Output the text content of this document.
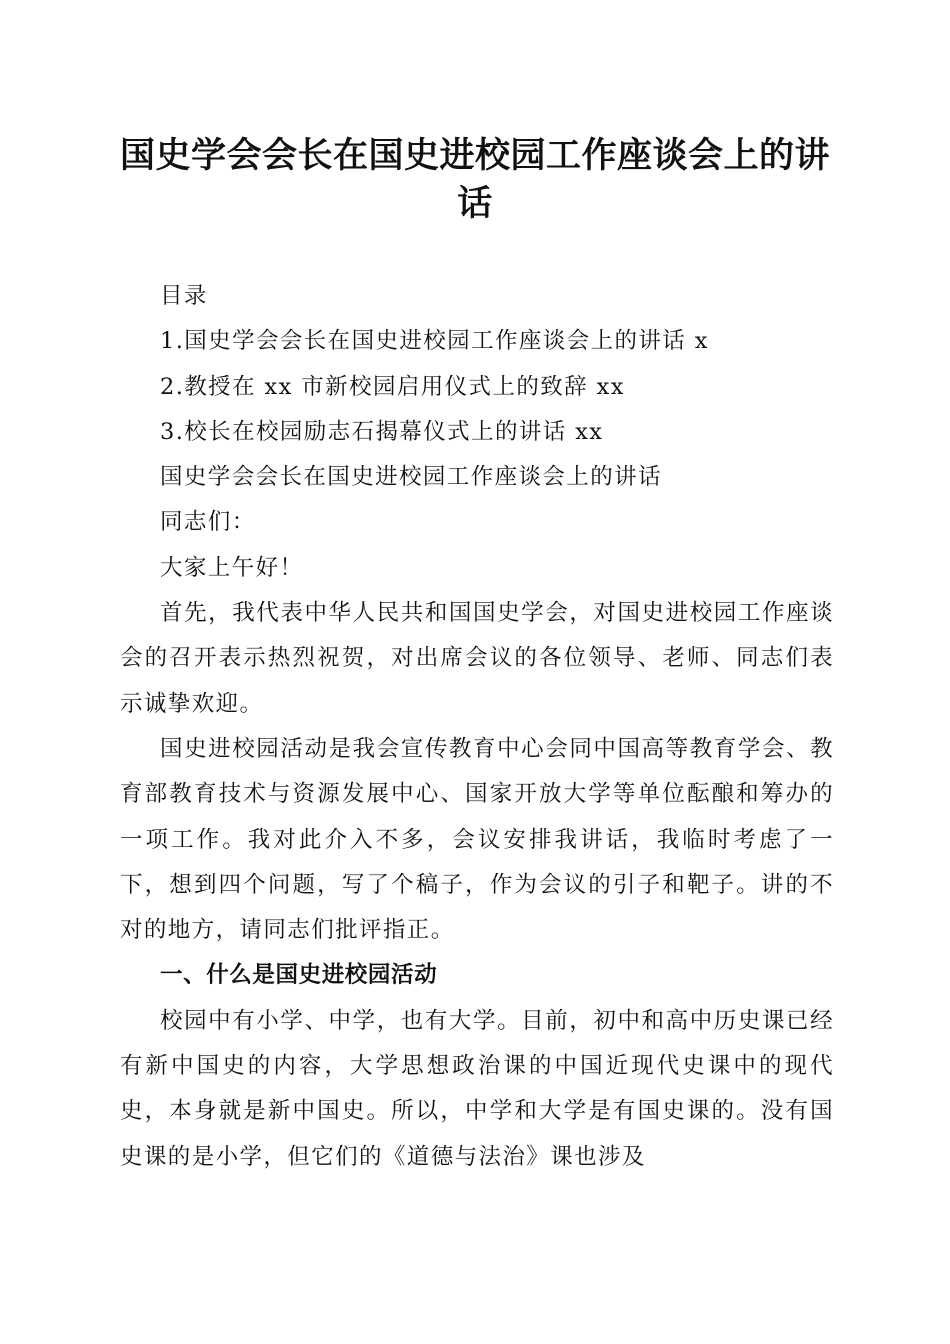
国史学会会长在国史进校园工作座谈会上的讲话

目录

1.国史学会会长在国史进校园工作座谈会上的讲话 x

2.教授在 xx 市新校园启用仪式上的致辞 xx

3.校长在校园励志石揭幕仪式上的讲话 xx

国史学会会长在国史进校园工作座谈会上的讲话

同志们：

大家上午好！

首先，我代表中华人民共和国国史学会，对国史进校园工作座谈会的召开表示热烈祝贺，对出席会议的各位领导、老师、同志们表示诚挚欢迎。

国史进校园活动是我会宣传教育中心会同中国高等教育学会、教育部教育技术与资源发展中心、国家开放大学等单位酝酿和筹办的一项工作。我对此介入不多，会议安排我讲话，我临时考虑了一下，想到四个问题，写了个稿子，作为会议的引子和靶子。讲的不对的地方，请同志们批评指正。

一、什么是国史进校园活动

校园中有小学、中学，也有大学。目前，初中和高中历史课已经有新中国史的内容，大学思想政治课的中国近现代史课中的现代史，本身就是新中国史。所以，中学和大学是有国史课的。没有国史课的是小学，但它们的《道德与法治》课也涉及
